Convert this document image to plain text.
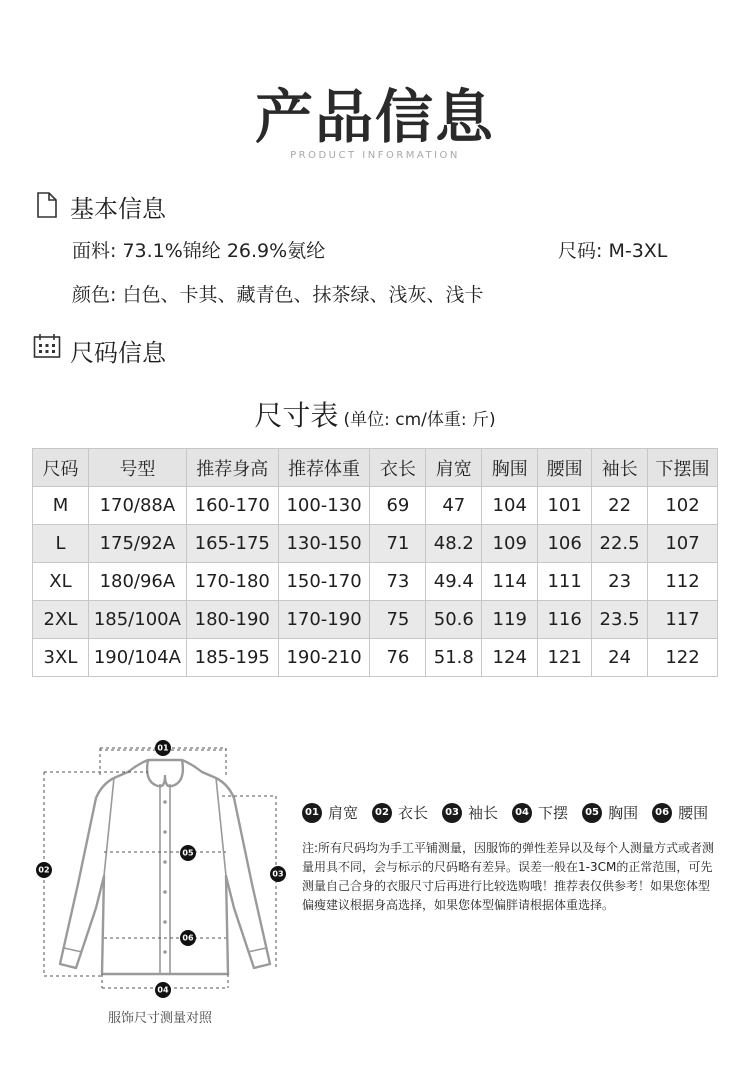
产品信息
PRODUCT INFORMATION
基本信息
面料: 73.1%锦纶 26.9%氨纶	尺码: M-3XL
颜色: 白色、卡其、藏青色、抹茶绿、浅灰、浅卡
尺码信息
尺寸表 (单位: cm/体重: 斤)
尺码	号型	推荐身高	推荐体重	衣长	肩宽	胸围	腰围	袖长	下摆围
M	170/88A	160-170	100-130	69	47	104	101	22	102
L	175/92A	165-175	130-150	71	48.2	109	106	22.5	107
XL	180/96A	170-180	150-170	73	49.4	114	111	23	112
2XL	185/100A	180-190	170-190	75	50.6	119	116	23.5	117
3XL	190/104A	185-195	190-210	76	51.8	124	121	24	122
01
02	03
04
05
06
服饰尺寸测量对照
01 肩宽	02 衣长	03 袖长	04 下摆	05 胸围	06 腰围
注:所有尺码均为手工平铺测量，因服饰的弹性差异以及每个人测量方式或者测量用具不同，会与标示的尺码略有差异。误差一般在1-3CM的正常范围，可先测量自己合身的衣服尺寸后再进行比较选购哦！推荐表仅供参考！如果您体型偏瘦建议根据身高选择，如果您体型偏胖请根据体重选择。
